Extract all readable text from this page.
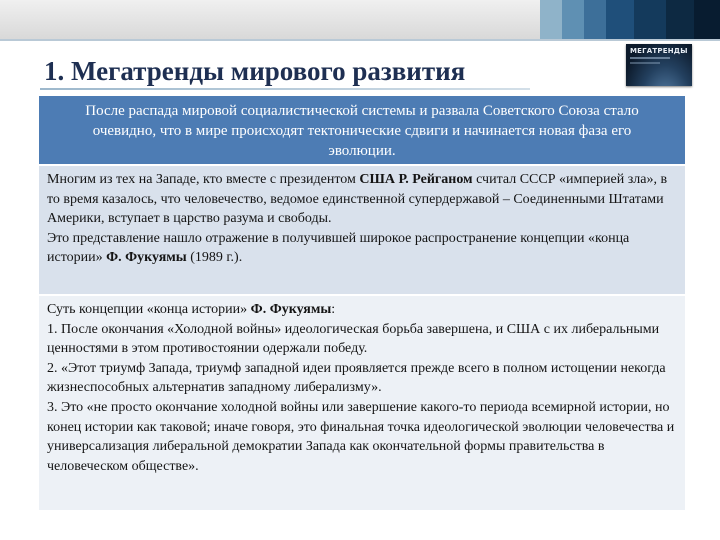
1. Мегатренды мирового развития
МЕГАТРЕНДЫ
После распада мировой социалистической системы и развала Советского Союза стало очевидно, что в мире происходят тектонические сдвиги и начинается новая фаза его эволюции.

Многим из тех на Западе, кто вместе с президентом США Р. Рейганом считал СССР «империей зла», в то время казалось, что человечество, ведомое единственной супердержавой – Соединенными Штатами Америки, вступает в царство разума и свободы.

Это представление нашло отражение в получившей широкое распространение концепции «конца истории» Ф. Фукуямы (1989 г.).

Суть концепции «конца истории» Ф. Фукуямы:

1. После окончания «Холодной войны» идеологическая борьба завершена, и США с их либеральными ценностями в этом противостоянии одержали победу.

2. «Этот триумф Запада, триумф западной идеи проявляется прежде всего в полном истощении некогда жизнеспособных альтернатив западному либерализму».

3. Это «не просто окончание холодной войны или завершение какого-то периода всемирной истории, но конец истории как таковой; иначе говоря, это финальная точка идеологической эволюции человечества и универсализация либеральной демократии Запада как окончательной формы правительства в человеческом обществе».
